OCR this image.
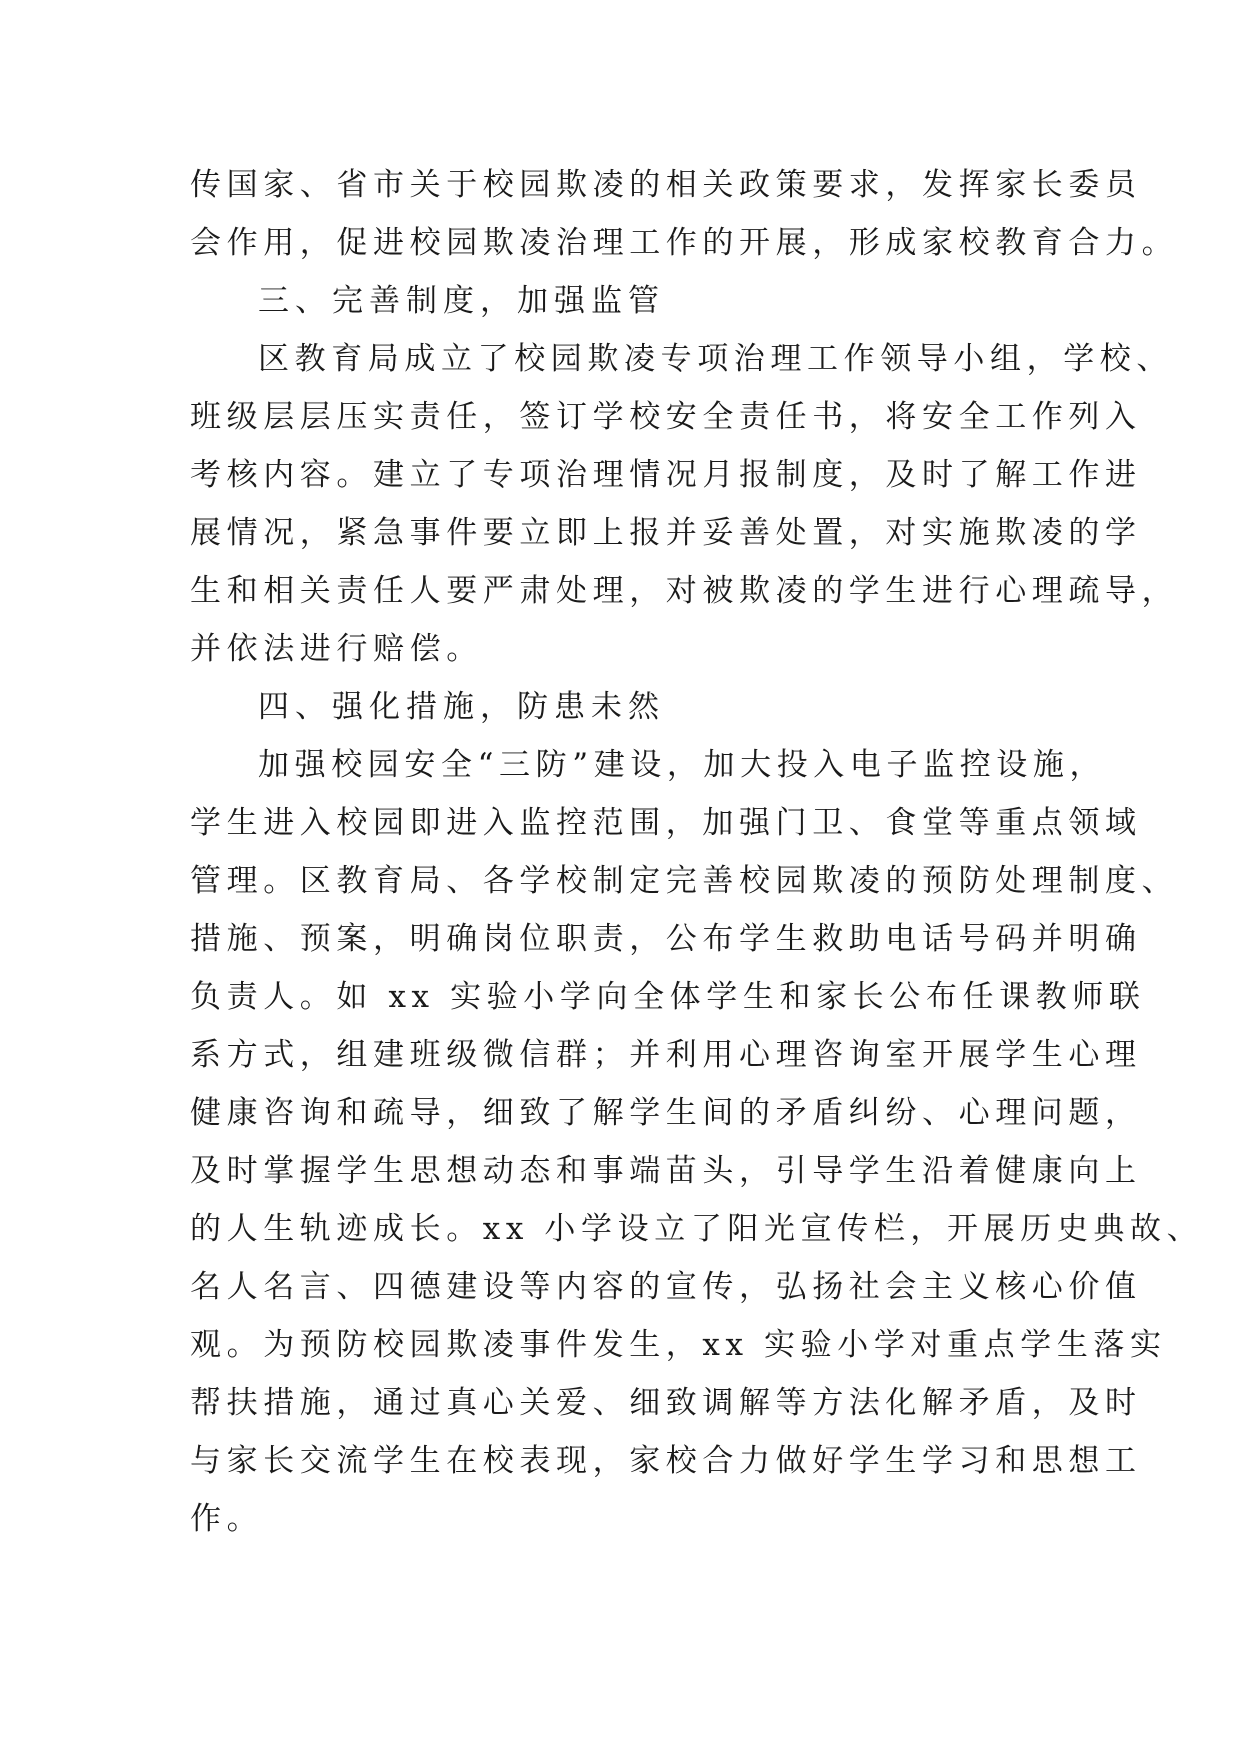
传国家、省市关于校园欺凌的相关政策要求，发挥家长委员
会作用，促进校园欺凌治理工作的开展，形成家校教育合力。
三、完善制度，加强监管
区教育局成立了校园欺凌专项治理工作领导小组，学校、
班级层层压实责任，签订学校安全责任书，将安全工作列入
考核内容。建立了专项治理情况月报制度，及时了解工作进
展情况，紧急事件要立即上报并妥善处置，对实施欺凌的学
生和相关责任人要严肃处理，对被欺凌的学生进行心理疏导，
并依法进行赔偿。
四、强化措施，防患未然
加强校园安全“三防”建设，加大投入电子监控设施，
学生进入校园即进入监控范围，加强门卫、食堂等重点领域
管理。区教育局、各学校制定完善校园欺凌的预防处理制度、
措施、预案，明确岗位职责，公布学生救助电话号码并明确
负责人。如 xx 实验小学向全体学生和家长公布任课教师联
系方式，组建班级微信群；并利用心理咨询室开展学生心理
健康咨询和疏导，细致了解学生间的矛盾纠纷、心理问题，
及时掌握学生思想动态和事端苗头，引导学生沿着健康向上
的人生轨迹成长。xx 小学设立了阳光宣传栏，开展历史典故、
名人名言、四德建设等内容的宣传，弘扬社会主义核心价值
观。为预防校园欺凌事件发生，xx 实验小学对重点学生落实
帮扶措施，通过真心关爱、细致调解等方法化解矛盾，及时
与家长交流学生在校表现，家校合力做好学生学习和思想工
作。
